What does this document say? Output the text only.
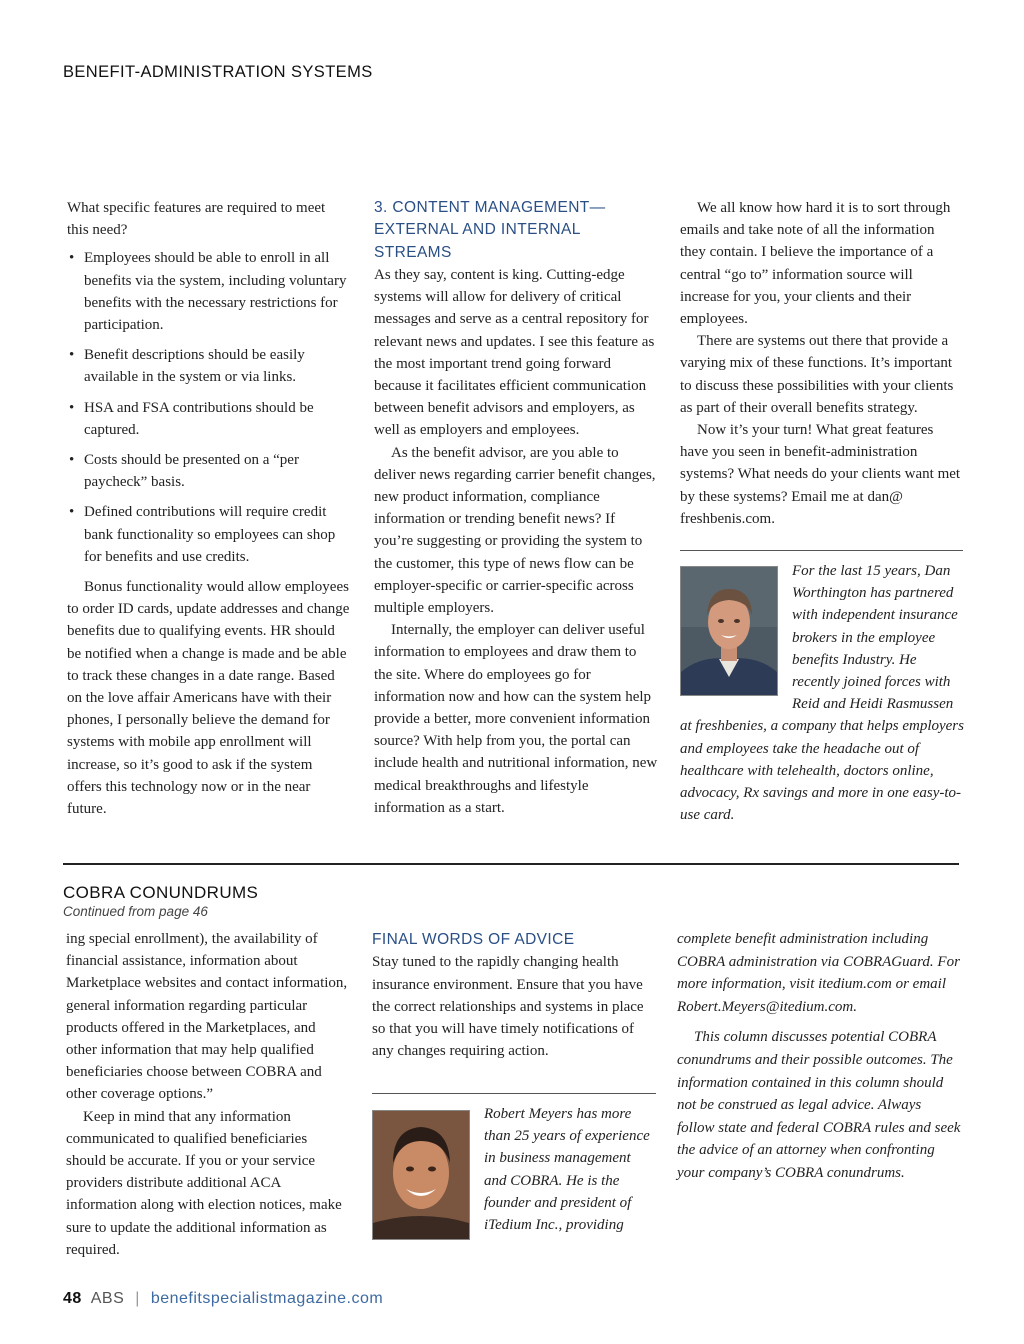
BENEFIT-ADMINISTRATION SYSTEMS

What specific features are required to meet this need?

• Employees should be able to enroll in all benefits via the system, including voluntary benefits with the necessary restrictions for participation.
• Benefit descriptions should be easily available in the system or via links.
• HSA and FSA contributions should be captured.
• Costs should be presented on a “per paycheck” basis.
• Defined contributions will require credit bank functionality so employees can shop for benefits and use credits.

Bonus functionality would allow employees to order ID cards, update addresses and change benefits due to qualifying events. HR should be notified when a change is made and be able to track these changes in a date range. Based on the love affair Americans have with their phones, I personally believe the demand for systems with mobile app enrollment will increase, so it’s good to ask if the system offers this technology now or in the near future.

3. CONTENT MANAGEMENT— EXTERNAL AND INTERNAL STREAMS

As they say, content is king. Cutting-edge systems will allow for delivery of critical messages and serve as a central repository for relevant news and updates. I see this feature as the most important trend going forward because it facilitates efficient communication between benefit advisors and employers, as well as employers and employees.

As the benefit advisor, are you able to deliver news regarding carrier benefit changes, new product information, compliance information or trending benefit news? If you’re suggesting or providing the system to the customer, this type of news flow can be employer-specific or carrier-specific across multiple employers.

Internally, the employer can deliver useful information to employees and draw them to the site. Where do employees go for information now and how can the system help provide a better, more convenient information source? With help from you, the portal can include health and nutritional information, new medical breakthroughs and lifestyle information as a start.

We all know how hard it is to sort through emails and take note of all the information they contain. I believe the importance of a central “go to” information source will increase for you, your clients and their employees.

There are systems out there that provide a varying mix of these functions. It’s important to discuss these possibilities with your clients as part of their overall benefits strategy.

Now it’s your turn! What great features have you seen in benefit-administration systems? What needs do your clients want met by these systems? Email me at dan@ freshbenis.com.

For the last 15 years, Dan Worthington has partnered with independent insurance brokers in the employee benefits Industry. He recently joined forces with Reid and Heidi Rasmussen at freshbenies, a company that helps employers and employees take the headache out of healthcare with telehealth, doctors online, advocacy, Rx savings and more in one easy-to-use card.
COBRA CONUNDRUMS
Continued from page 46

ing special enrollment), the availability of financial assistance, information about Marketplace websites and contact information, general information regarding particular products offered in the Marketplaces, and other information that may help qualified beneficiaries choose between COBRA and other coverage options.”

Keep in mind that any information communicated to qualified beneficiaries should be accurate. If you or your service providers distribute additional ACA information along with election notices, make sure to update the additional information as required.

FINAL WORDS OF ADVICE

Stay tuned to the rapidly changing health insurance environment. Ensure that you have the correct relationships and systems in place so that you will have timely notifications of any changes requiring action.

Robert Meyers has more than 25 years of experience in business management and COBRA. He is the founder and president of iTedium Inc., providing

complete benefit administration including COBRA administration via COBRAGuard. For more information, visit itedium.com or email Robert.Meyers@itedium.com.

This column discusses potential COBRA conundrums and their possible outcomes. The information contained in this column should not be construed as legal advice. Always follow state and federal COBRA rules and seek the advice of an attorney when confronting your company’s COBRA conundrums.

48 ABS | benefitspecialistmagazine.com
